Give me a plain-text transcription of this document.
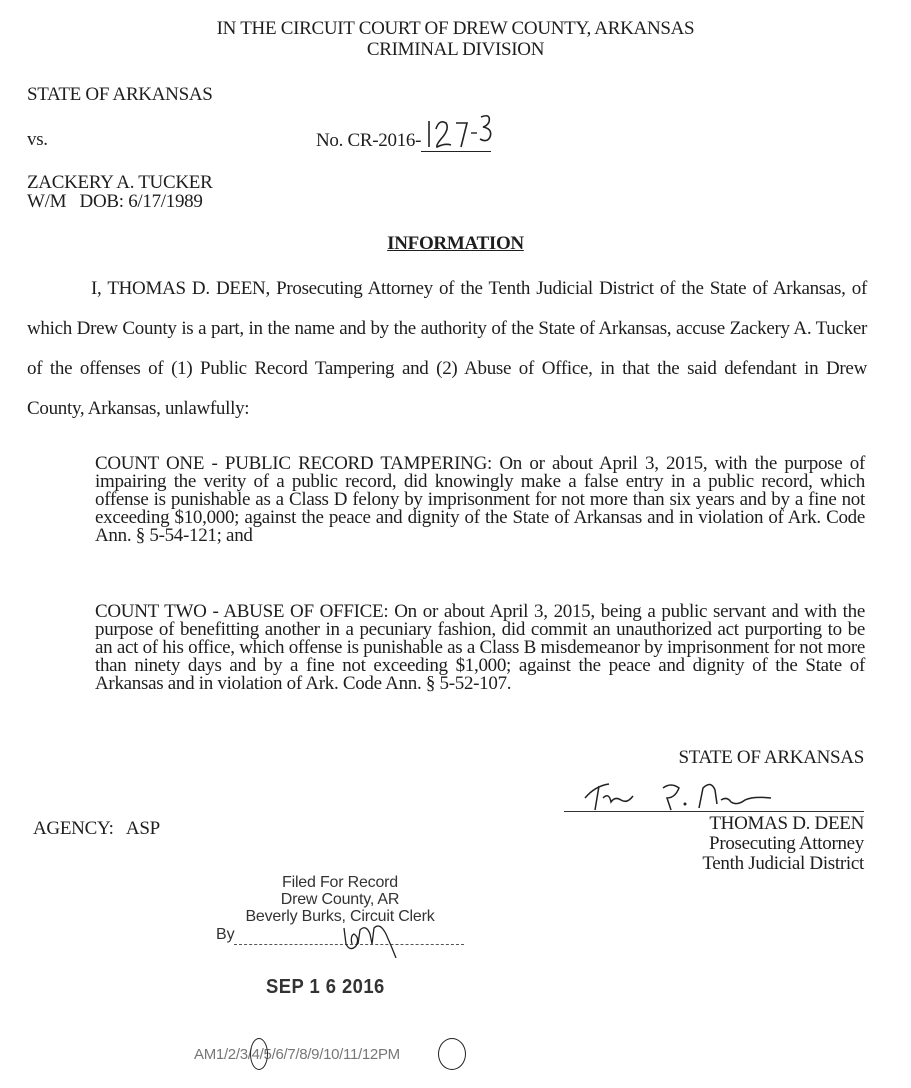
IN THE CIRCUIT COURT OF DREW COUNTY, ARKANSAS
CRIMINAL DIVISION
STATE OF ARKANSAS
vs.	No. CR-2016-
ZACKERY A. TUCKER
W/M   DOB: 6/17/1989
INFORMATION
I, THOMAS D. DEEN, Prosecuting Attorney of the Tenth Judicial District of the State of Arkansas, of which Drew County is a part, in the name and by the authority of the State of Arkansas, accuse Zackery A. Tucker of the offenses of (1) Public Record Tampering and (2) Abuse of Office, in that the said defendant in Drew County, Arkansas, unlawfully:
COUNT ONE - PUBLIC RECORD TAMPERING: On or about April 3, 2015, with the purpose of impairing the verity of a public record, did knowingly make a false entry in a public record, which offense is punishable as a Class D felony by imprisonment for not more than six years and by a fine not exceeding $10,000; against the peace and dignity of the State of Arkansas and in violation of Ark. Code Ann. § 5-54-121; and
COUNT TWO - ABUSE OF OFFICE: On or about April 3, 2015, being a public servant and with the purpose of benefitting another in a pecuniary fashion, did commit an unauthorized act purporting to be an act of his office, which offense is punishable as a Class B misdemeanor by imprisonment for not more than ninety days and by a fine not exceeding $1,000; against the peace and dignity of the State of Arkansas and in violation of Ark. Code Ann. § 5-52-107.
STATE OF ARKANSAS
THOMAS D. DEEN
Prosecuting Attorney
Tenth Judicial District
AGENCY:   ASP
Filed For Record
Drew County, AR
Beverly Burks, Circuit Clerk
By
SEP 1 6 2016
AM1/2/3/4/5/6/7/8/9/10/11/12PM
